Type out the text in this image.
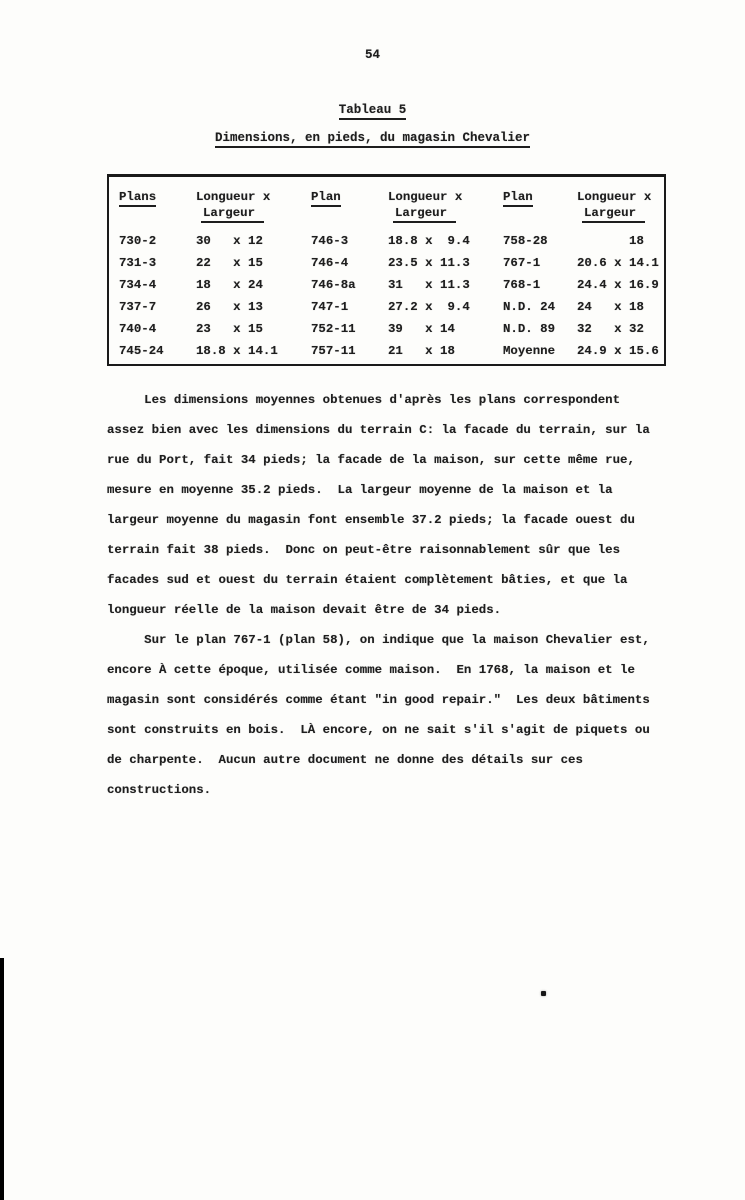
54
Tableau 5
Dimensions, en pieds, du magasin Chevalier
Plans	Longueur x
Largeur
Plan	Longueur x
Largeur
Plan	Longueur x
Largeur
730-2	30   x 12	746-3	18.8 x  9.4	758-28	18
731-3	22   x 15	746-4	23.5 x 11.3	767-1	20.6 x 14.1
734-4	18   x 24	746-8a	31   x 11.3	768-1	24.4 x 16.9
737-7	26   x 13	747-1	27.2 x  9.4	N.D. 24	24   x 18
740-4	23   x 15	752-11	39   x 14	N.D. 89	32   x 32
745-24	18.8 x 14.1	757-11	21   x 18	Moyenne	24.9 x 15.6
Les dimensions moyennes obtenues d'après les plans correspondent
assez bien avec les dimensions du terrain C: la facade du terrain, sur la
rue du Port, fait 34 pieds; la facade de la maison, sur cette même rue,
mesure en moyenne 35.2 pieds.  La largeur moyenne de la maison et la
largeur moyenne du magasin font ensemble 37.2 pieds; la facade ouest du
terrain fait 38 pieds.  Donc on peut-être raisonnablement sûr que les
facades sud et ouest du terrain étaient complètement bâties, et que la
longueur réelle de la maison devait être de 34 pieds.
Sur le plan 767-1 (plan 58), on indique que la maison Chevalier est,
encore À cette époque, utilisée comme maison.  En 1768, la maison et le
magasin sont considérés comme étant "in good repair."  Les deux bâtiments
sont construits en bois.  LÀ encore, on ne sait s'il s'agit de piquets ou
de charpente.  Aucun autre document ne donne des détails sur ces
constructions.
